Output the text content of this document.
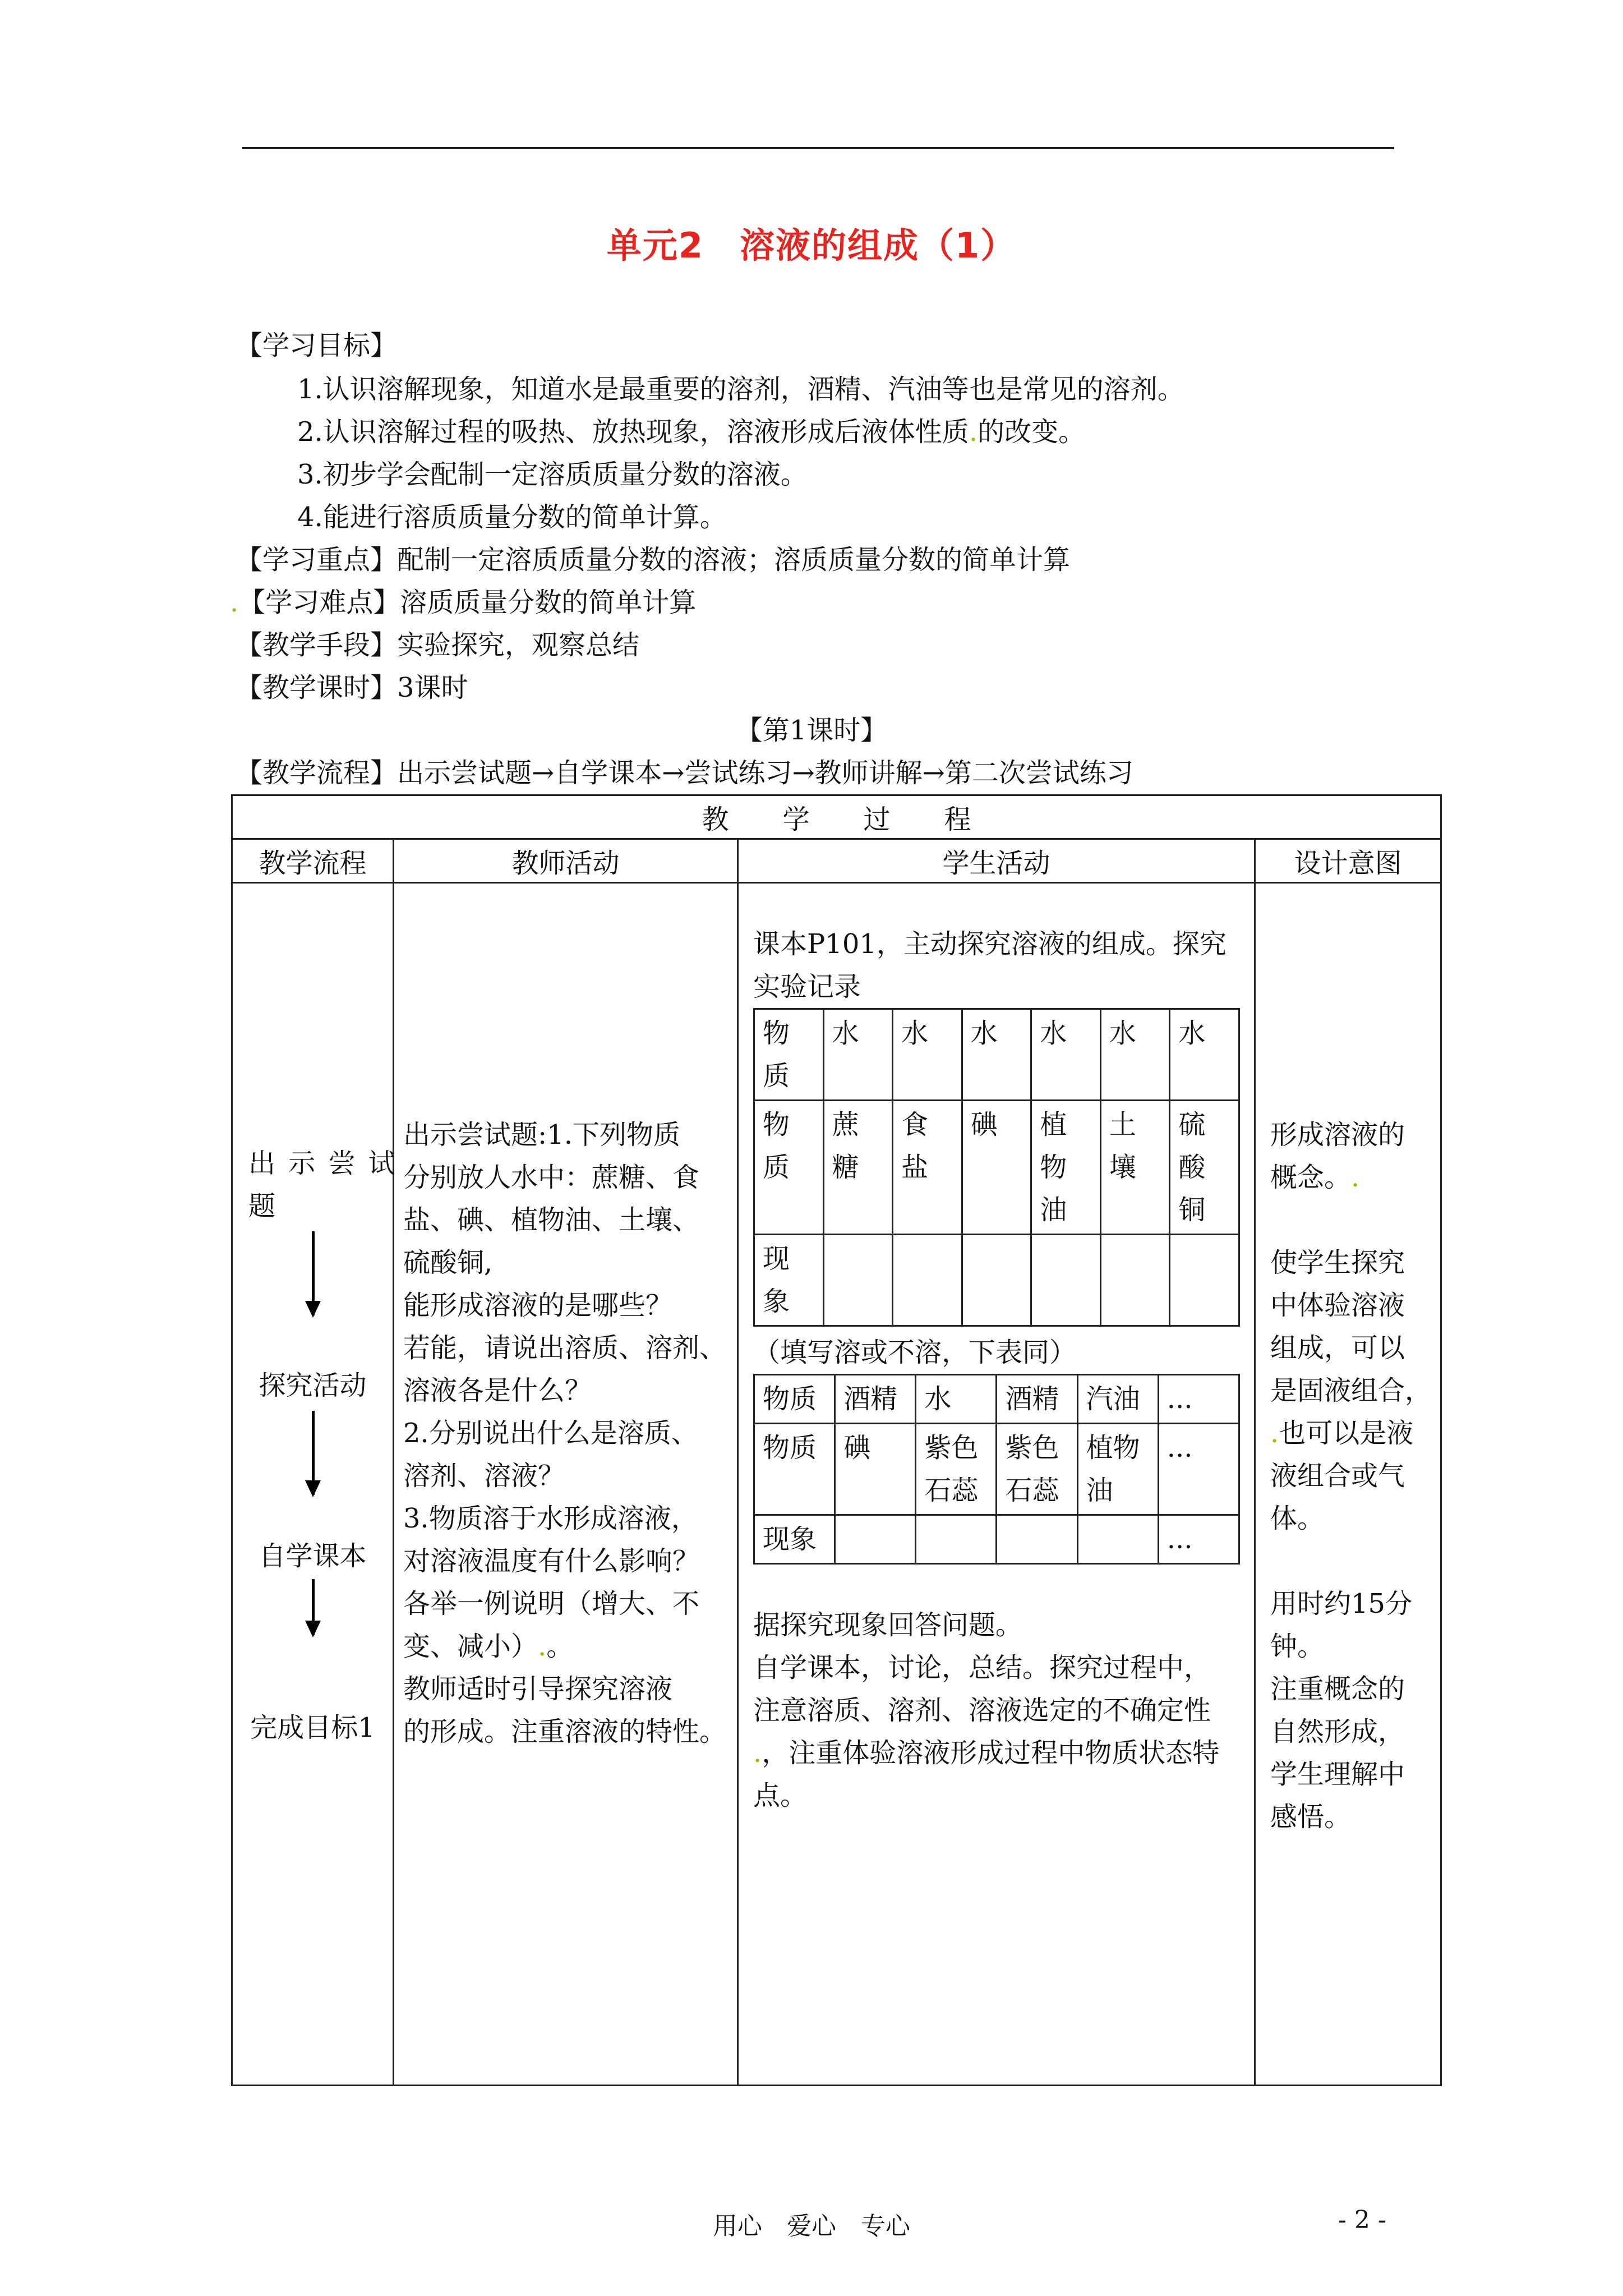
单元2　溶液的组成（1）
【学习目标】
1.认识溶解现象，知道水是最重要的溶剂，酒精、汽油等也是常见的溶剂。
2.认识溶解过程的吸热、放热现象，溶液形成后液体性质.的改变。
3.初步学会配制一定溶质质量分数的溶液。
4.能进行溶质质量分数的简单计算。
【学习重点】配制一定溶质质量分数的溶液；溶质质量分数的简单计算
.【学习难点】溶质质量分数的简单计算
【教学手段】实验探究，观察总结
【教学课时】3课时
【第1课时】
【教学流程】出示尝试题→自学课本→尝试练习→教师讲解→第二次尝试练习
教　　学　　过　　程
教学流程	教师活动	学生活动	设计意图

出 示 尝 试
题
探究活动
自学课本
完成目标1

出示尝试题:1.下列物质
分别放人水中：蔗糖、食
盐、碘、植物油、土壤、
硫酸铜,
能形成溶液的是哪些？
若能，请说出溶质、溶剂、
溶液各是什么？
2.分别说出什么是溶质、
溶剂、溶液？
3.物质溶于水形成溶液，
对溶液温度有什么影响？
各举一例说明（增大、不
变、减小）.。
教师适时引导探究溶液
的形成。注重溶液的特性。

课本P101，主动探究溶液的组成。探究
实验记录
物质	水	水	水	水	水	水
物质	蔗糖	食盐	碘	植物油	土壤	硫酸铜
现象						
（填写溶或不溶，下表同）
物质	酒精	水	酒精	汽油	...
物质	碘	紫色石蕊	紫色石蕊	植物油	...
现象					...
据探究现象回答问题。
自学课本，讨论，总结。探究过程中，
注意溶质、溶剂、溶液选定的不确定性
.，注重体验溶液形成过程中物质状态特
点。

形成溶液的
概念。.
使学生探究
中体验溶液
组成，可以
是固液组合，
.也可以是液
液组合或气
体。
用时约15分
钟。
注重概念的
自然形成，
学生理解中
感悟。
用心　爱心　专心	- 2 -
